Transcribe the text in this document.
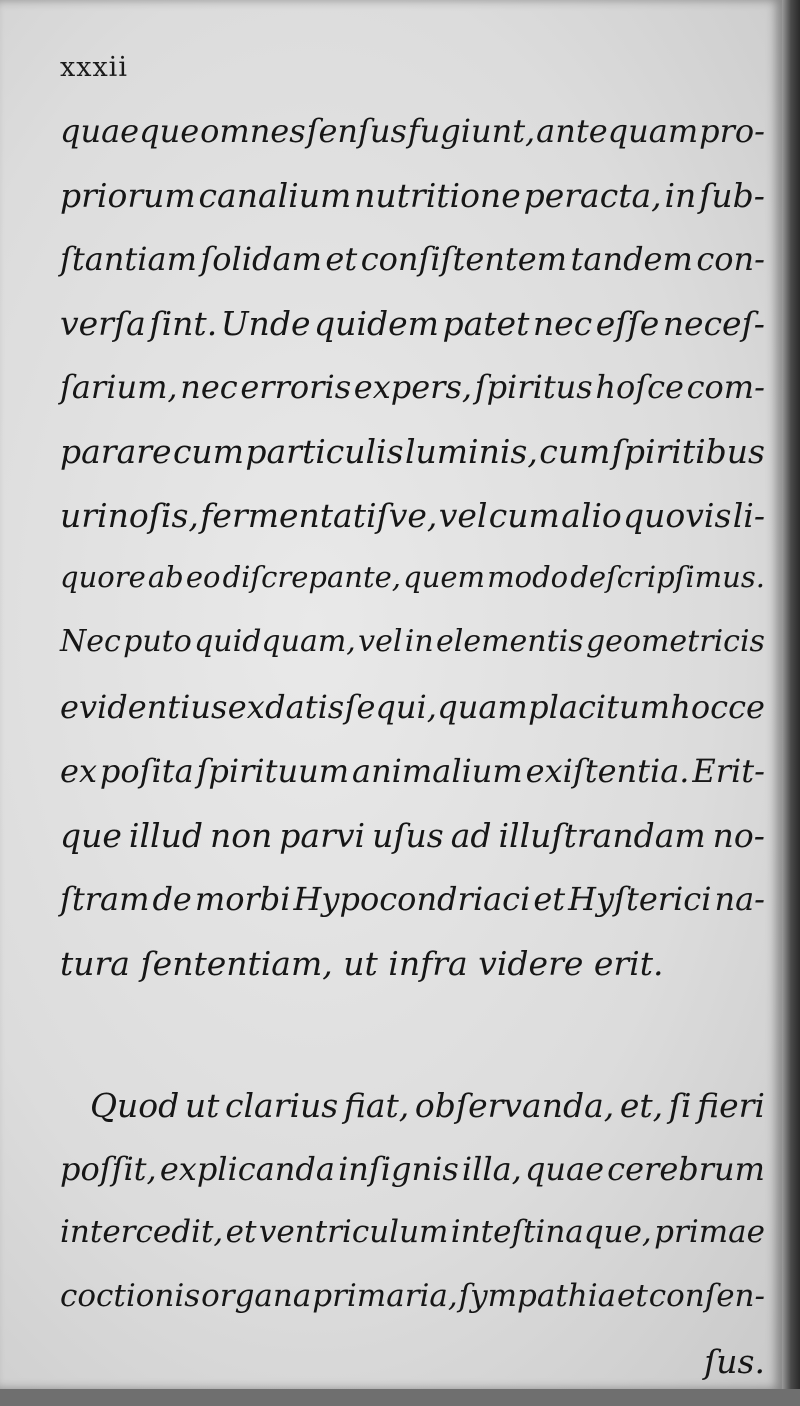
xxxii
quaeque omnes ſenſus fugiunt, antequam pro-
priorum canalium nutritione peracta, in ſub-
ſtantiam ſolidam et conſiſtentem tandem con-
verſa ſint. Unde quidem patet nec eſſe neceſ-
ſarium, nec erroris expers, ſpiritus hoſce com-
parare cum particulis luminis, cum ſpiritibus
urinoſis, fermentatiſve, vel cum alio quovis li-
quore ab eo diſcrepante, quem modo deſcripſimus.
Nec puto quidquam, vel in elementis geometricis
evidentius ex datis ſequi, quam placitum hocce
ex poſita ſpirituum animalium exiſtentia. Erit-
que illud non parvi uſus ad illuſtrandam no-
ſtram de morbi Hypocondriaci et Hyſterici na-
tura ſententiam, ut infra videre erit.
Quod ut clarius fiat, obſervanda, et, ſi fieri
poſſit, explicanda inſignis illa, quae cerebrum
intercedit, et ventriculum inteſtinaque, primae
coctionis organa primaria, ſympathia et conſen-
ſus.
